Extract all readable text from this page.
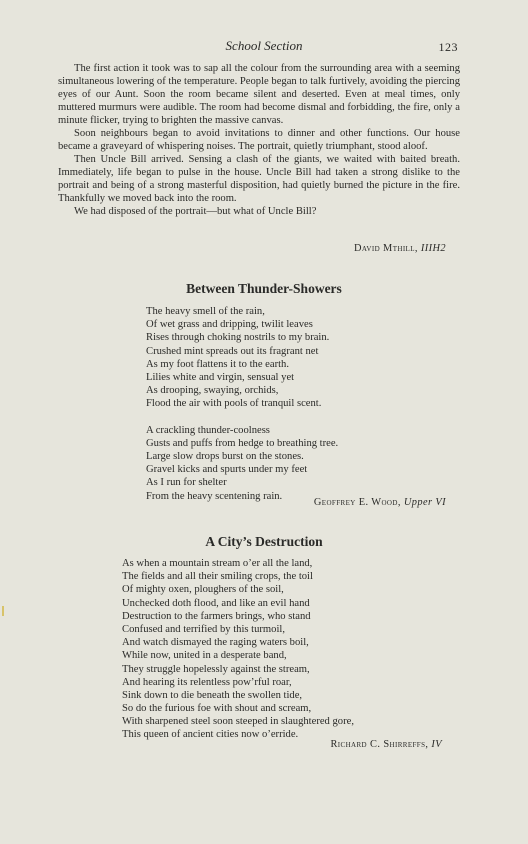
School Section	123

The first action it took was to sap all the colour from the surrounding area with a seeming simultaneous lowering of the temperature. People began to talk furtively, avoiding the piercing eyes of our Aunt. Soon the room became silent and deserted. Even at meal times, only muttered murmurs were audible. The room had become dismal and forbidding, the fire, only a minute flicker, trying to brighten the massive canvas.

Soon neighbours began to avoid invitations to dinner and other functions. Our house became a graveyard of whispering noises. The portrait, quietly triumphant, stood aloof.

Then Uncle Bill arrived. Sensing a clash of the giants, we waited with baited breath. Immediately, life began to pulse in the house. Uncle Bill had taken a strong dislike to the portrait and being of a strong masterful disposition, had quietly burned the picture in the fire. Thankfully we moved back into the room.

We had disposed of the portrait—but what of Uncle Bill?

David Mthill, IIIH2
Between Thunder-Showers
The heavy smell of the rain,
Of wet grass and dripping, twilit leaves
Rises through choking nostrils to my brain.
Crushed mint spreads out its fragrant net
As my foot flattens it to the earth.
Lilies white and virgin, sensual yet
As drooping, swaying, orchids,
Flood the air with pools of tranquil scent.
A crackling thunder-coolness
Gusts and puffs from hedge to breathing tree.
Large slow drops burst on the stones.
Gravel kicks and spurts under my feet
As I run for shelter
From the heavy scentening rain.
Geoffrey E. Wood, Upper VI
A City’s Destruction
As when a mountain stream o’er all the land,
The fields and all their smiling crops, the toil
Of mighty oxen, ploughers of the soil,
Unchecked doth flood, and like an evil hand
Destruction to the farmers brings, who stand
Confused and terrified by this turmoil,
And watch dismayed the raging waters boil,
While now, united in a desperate band,
They struggle hopelessly against the stream,
And hearing its relentless pow’rful roar,
Sink down to die beneath the swollen tide,
So do the furious foe with shout and scream,
With sharpened steel soon steeped in slaughtered gore,
This queen of ancient cities now o’erride.
Richard C. Shirreffs, IV
